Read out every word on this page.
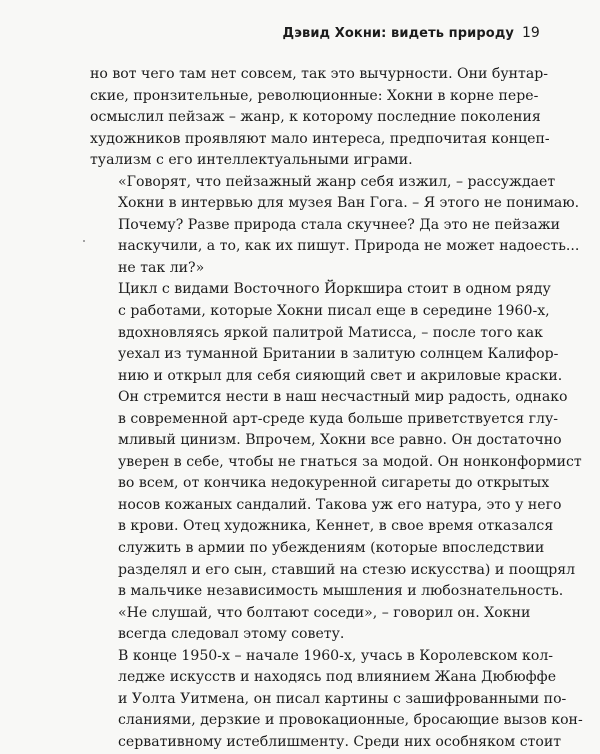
Дэвид Хокни: видеть природу 19

но вот чего там нет совсем, так это вычурности. Они бунтар-
ские, пронзительные, революционные: Хокни в корне пере-
осмыслил пейзаж – жанр, к которому последние поколения
художников проявляют мало интереса, предпочитая концеп-
туализм с его интеллектуальными играми.

«Говорят, что пейзажный жанр себя изжил, – рассуждает
Хокни в интервью для музея Ван Гога. – Я этого не понимаю.
Почему? Разве природа стала скучнее? Да это не пейзажи
наскучили, а то, как их пишут. Природа не может надоесть...
не так ли?»

Цикл с видами Восточного Йоркшира стоит в одном ряду
с работами, которые Хокни писал еще в середине 1960-х,
вдохновляясь яркой палитрой Матисса, – после того как
уехал из туманной Британии в залитую солнцем Калифор-
нию и открыл для себя сияющий свет и акриловые краски.
Он стремится нести в наш несчастный мир радость, однако
в современной арт-среде куда больше приветствуется глу-
мливый цинизм. Впрочем, Хокни все равно. Он достаточно
уверен в себе, чтобы не гнаться за модой. Он нонконформист
во всем, от кончика недокуренной сигареты до открытых
носов кожаных сандалий. Такова уж его натура, это у него
в крови. Отец художника, Кеннет, в свое время отказался
служить в армии по убеждениям (которые впоследствии
разделял и его сын, ставший на стезю искусства) и поощрял
в мальчике независимость мышления и любознательность.
«Не слушай, что болтают соседи», – говорил он. Хокни
всегда следовал этому совету.

В конце 1950-х – начале 1960-х, учась в Королевском кол-
ледже искусств и находясь под влиянием Жана Дюбюффе
и Уолта Уитмена, он писал картины с зашифрованными по-
сланиями, дерзкие и провокационные, бросающие вызов кон-
сервативному истеблишменту. Среди них особняком стоит
